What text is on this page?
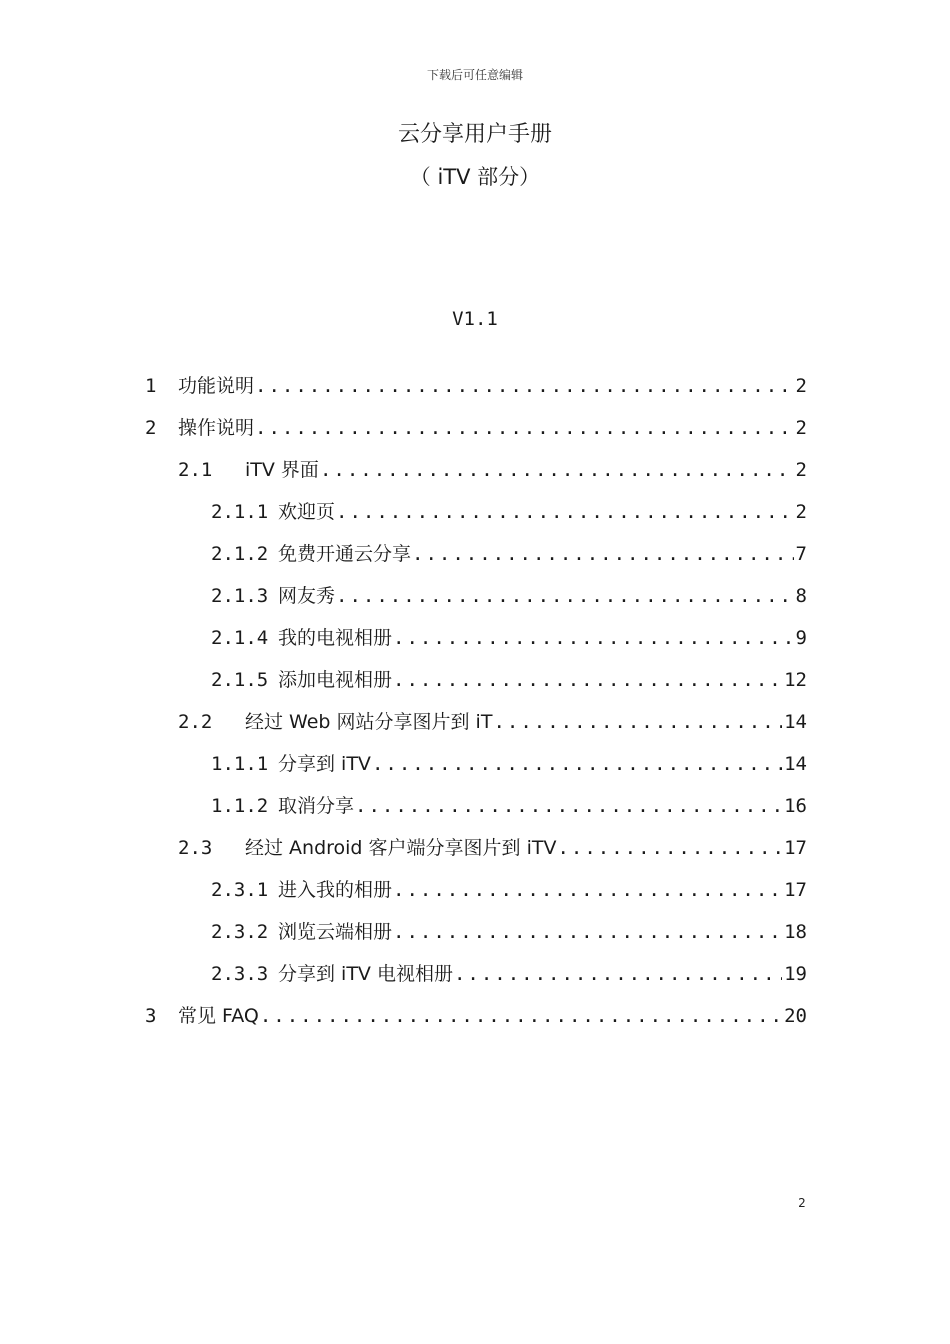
下载后可任意编辑
云分享用户手册
（ iTV 部分）
V1.1
1	功能说明 .....	2
2	操作说明 .....	2
2.1	iTV 界面 .....	2
2.1.1 欢迎页 .....	2
2.1.2 免费开通云分享 .....	7
2.1.3 网友秀 .....	8
2.1.4 我的电视相册 .....	9
2.1.5 添加电视相册 .....	12
2.2	经过 Web 网站分享图片到 iT .....	14
1.1.1 分享到 iTV .....	14
1.1.2 取消分享 .....	16
2.3	经过 Android 客户端分享图片到 iTV .....	17
2.3.1 进入我的相册 .....	17
2.3.2 浏览云端相册 .....	18
2.3.3 分享到 iTV 电视相册 .....	19
3	常见 FAQ .....	20
2
